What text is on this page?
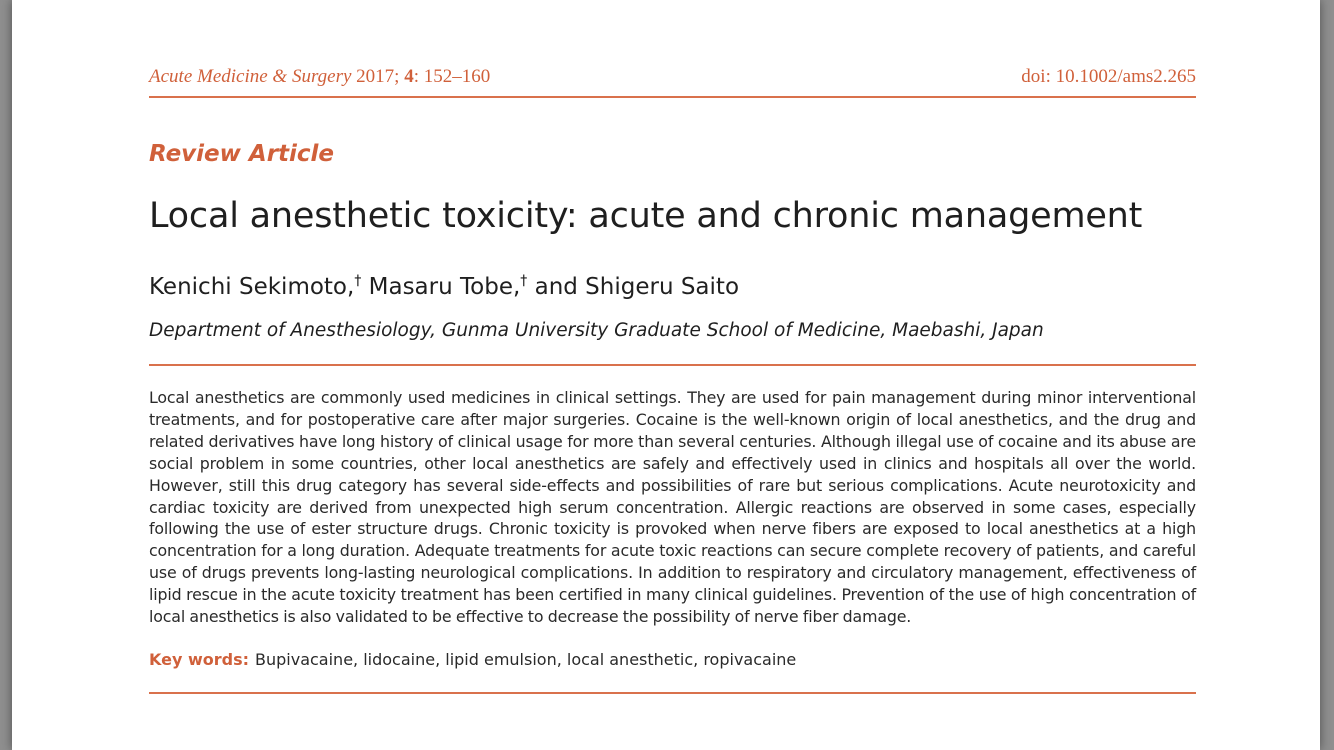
Acute Medicine & Surgery 2017; 4: 152–160	doi: 10.1002/ams2.265
Review Article
Local anesthetic toxicity: acute and chronic management
Kenichi Sekimoto,† Masaru Tobe,† and Shigeru Saito
Department of Anesthesiology, Gunma University Graduate School of Medicine, Maebashi, Japan

Local anesthetics are commonly used medicines in clinical settings. They are used for pain management during minor interventional treatments, and for postoperative care after major surgeries. Cocaine is the well-known origin of local anesthetics, and the drug and related derivatives have long history of clinical usage for more than several centuries. Although illegal use of cocaine and its abuse are social problem in some countries, other local anesthetics are safely and effectively used in clinics and hospitals all over the world. However, still this drug category has several side-effects and possibilities of rare but serious complications. Acute neurotoxicity and cardiac toxicity are derived from unexpected high serum concentration. Allergic reactions are observed in some cases, especially following the use of ester structure drugs. Chronic toxicity is provoked when nerve fibers are exposed to local anesthetics at a high concentration for a long duration. Adequate treatments for acute toxic reactions can secure complete recovery of patients, and careful use of drugs prevents long-lasting neurological complications. In addition to respiratory and circulatory management, effectiveness of lipid rescue in the acute toxicity treatment has been certified in many clinical guidelines. Prevention of the use of high concentration of local anesthetics is also validated to be effective to decrease the possibility of nerve fiber damage.

Key words: Bupivacaine, lidocaine, lipid emulsion, local anesthetic, ropivacaine
